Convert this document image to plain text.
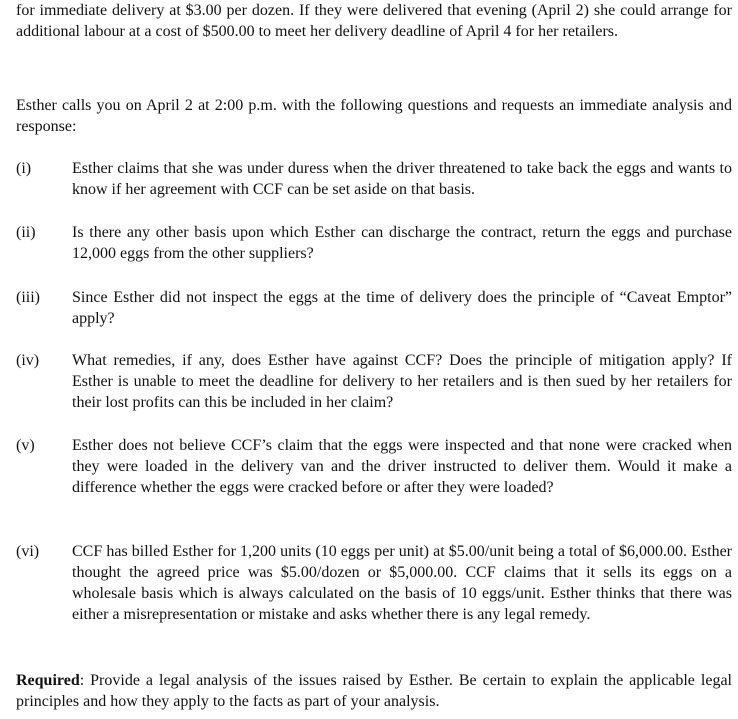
for immediate delivery at $3.00 per dozen. If they were delivered that evening (April 2) she could arrange for additional labour at a cost of $500.00 to meet her delivery deadline of April 4 for her retailers.

Esther calls you on April 2 at 2:00 p.m. with the following questions and requests an immediate analysis and response:

(i)	Esther claims that she was under duress when the driver threatened to take back the eggs and wants to know if her agreement with CCF can be set aside on that basis.

(ii)	Is there any other basis upon which Esther can discharge the contract, return the eggs and purchase 12,000 eggs from the other suppliers?

(iii)	Since Esther did not inspect the eggs at the time of delivery does the principle of “Caveat Emptor” apply?

(iv)	What remedies, if any, does Esther have against CCF? Does the principle of mitigation apply? If Esther is unable to meet the deadline for delivery to her retailers and is then sued by her retailers for their lost profits can this be included in her claim?

(v)	Esther does not believe CCF’s claim that the eggs were inspected and that none were cracked when they were loaded in the delivery van and the driver instructed to deliver them. Would it make a difference whether the eggs were cracked before or after they were loaded?

(vi)	CCF has billed Esther for 1,200 units (10 eggs per unit) at $5.00/unit being a total of $6,000.00. Esther thought the agreed price was $5.00/dozen or $5,000.00. CCF claims that it sells its eggs on a wholesale basis which is always calculated on the basis of 10 eggs/unit. Esther thinks that there was either a misrepresentation or mistake and asks whether there is any legal remedy.

Required: Provide a legal analysis of the issues raised by Esther. Be certain to explain the applicable legal principles and how they apply to the facts as part of your analysis.
